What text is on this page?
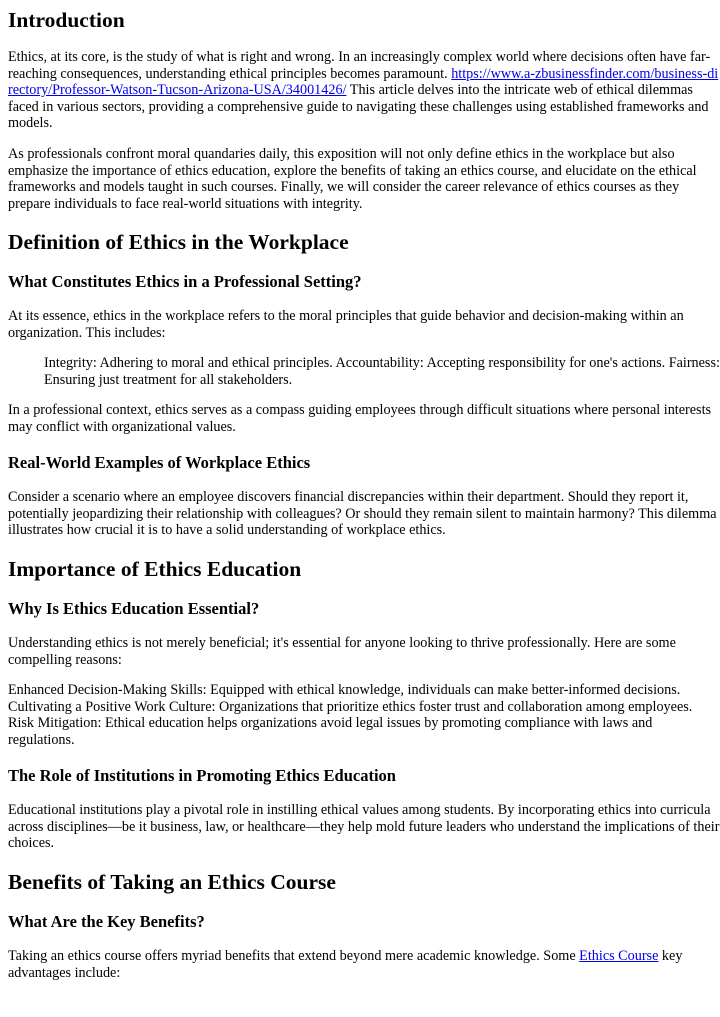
Introduction

Ethics, at its core, is the study of what is right and wrong. In an increasingly complex world where decisions often have far-reaching consequences, understanding ethical principles becomes paramount. https://www.a-zbusinessfinder.com/business-directory/Professor-Watson-Tucson-Arizona-USA/34001426/ This article delves into the intricate web of ethical dilemmas faced in various sectors, providing a comprehensive guide to navigating these challenges using established frameworks and models.

As professionals confront moral quandaries daily, this exposition will not only define ethics in the workplace but also emphasize the importance of ethics education, explore the benefits of taking an ethics course, and elucidate on the ethical frameworks and models taught in such courses. Finally, we will consider the career relevance of ethics courses as they prepare individuals to face real-world situations with integrity.

Definition of Ethics in the Workplace
What Constitutes Ethics in a Professional Setting?

At its essence, ethics in the workplace refers to the moral principles that guide behavior and decision-making within an organization. This includes:

Integrity: Adhering to moral and ethical principles. Accountability: Accepting responsibility for one's actions. Fairness: Ensuring just treatment for all stakeholders.

In a professional context, ethics serves as a compass guiding employees through difficult situations where personal interests may conflict with organizational values.

Real-World Examples of Workplace Ethics

Consider a scenario where an employee discovers financial discrepancies within their department. Should they report it, potentially jeopardizing their relationship with colleagues? Or should they remain silent to maintain harmony? This dilemma illustrates how crucial it is to have a solid understanding of workplace ethics.

Importance of Ethics Education
Why Is Ethics Education Essential?

Understanding ethics is not merely beneficial; it's essential for anyone looking to thrive professionally. Here are some compelling reasons:

Enhanced Decision-Making Skills: Equipped with ethical knowledge, individuals can make better-informed decisions. Cultivating a Positive Work Culture: Organizations that prioritize ethics foster trust and collaboration among employees. Risk Mitigation: Ethical education helps organizations avoid legal issues by promoting compliance with laws and regulations.

The Role of Institutions in Promoting Ethics Education

Educational institutions play a pivotal role in instilling ethical values among students. By incorporating ethics into curricula across disciplines—be it business, law, or healthcare—they help mold future leaders who understand the implications of their choices.

Benefits of Taking an Ethics Course
What Are the Key Benefits?

Taking an ethics course offers myriad benefits that extend beyond mere academic knowledge. Some Ethics Course key advantages include:
